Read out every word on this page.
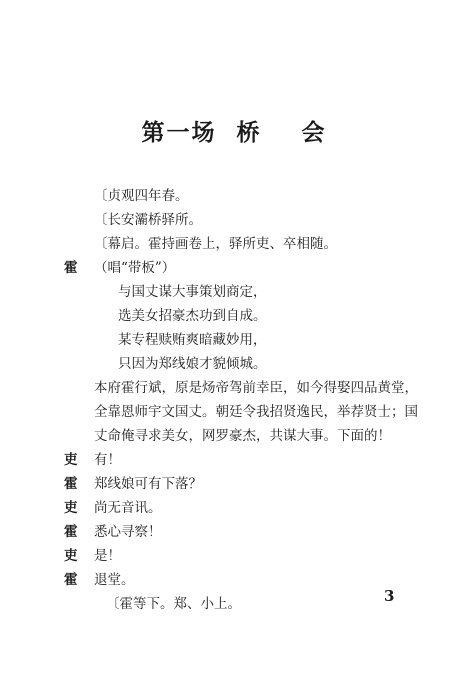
第一场  桥    会
〔贞观四年春。
〔长安灞桥驿所。
〔幕启。霍持画卷上，驿所吏、卒相随。
霍 （唱“带板”）
与国丈谋大事策划商定，
选美女招豪杰功到自成。
某专程赎贿爽暗藏妙用，
只因为郑线娘才貌倾城。
本府霍行斌，原是炀帝驾前幸臣，如今得娶四品黄堂，
全靠恩师宇文国丈。朝廷令我招贤逸民，举荐贤士；国
丈命俺寻求美女，网罗豪杰，共谋大事。下面的！
吏 有！
霍 郑线娘可有下落？
吏 尚无音讯。
霍 悉心寻察！
吏 是！
霍 退堂。
〔霍等下。郑、小上。	3
